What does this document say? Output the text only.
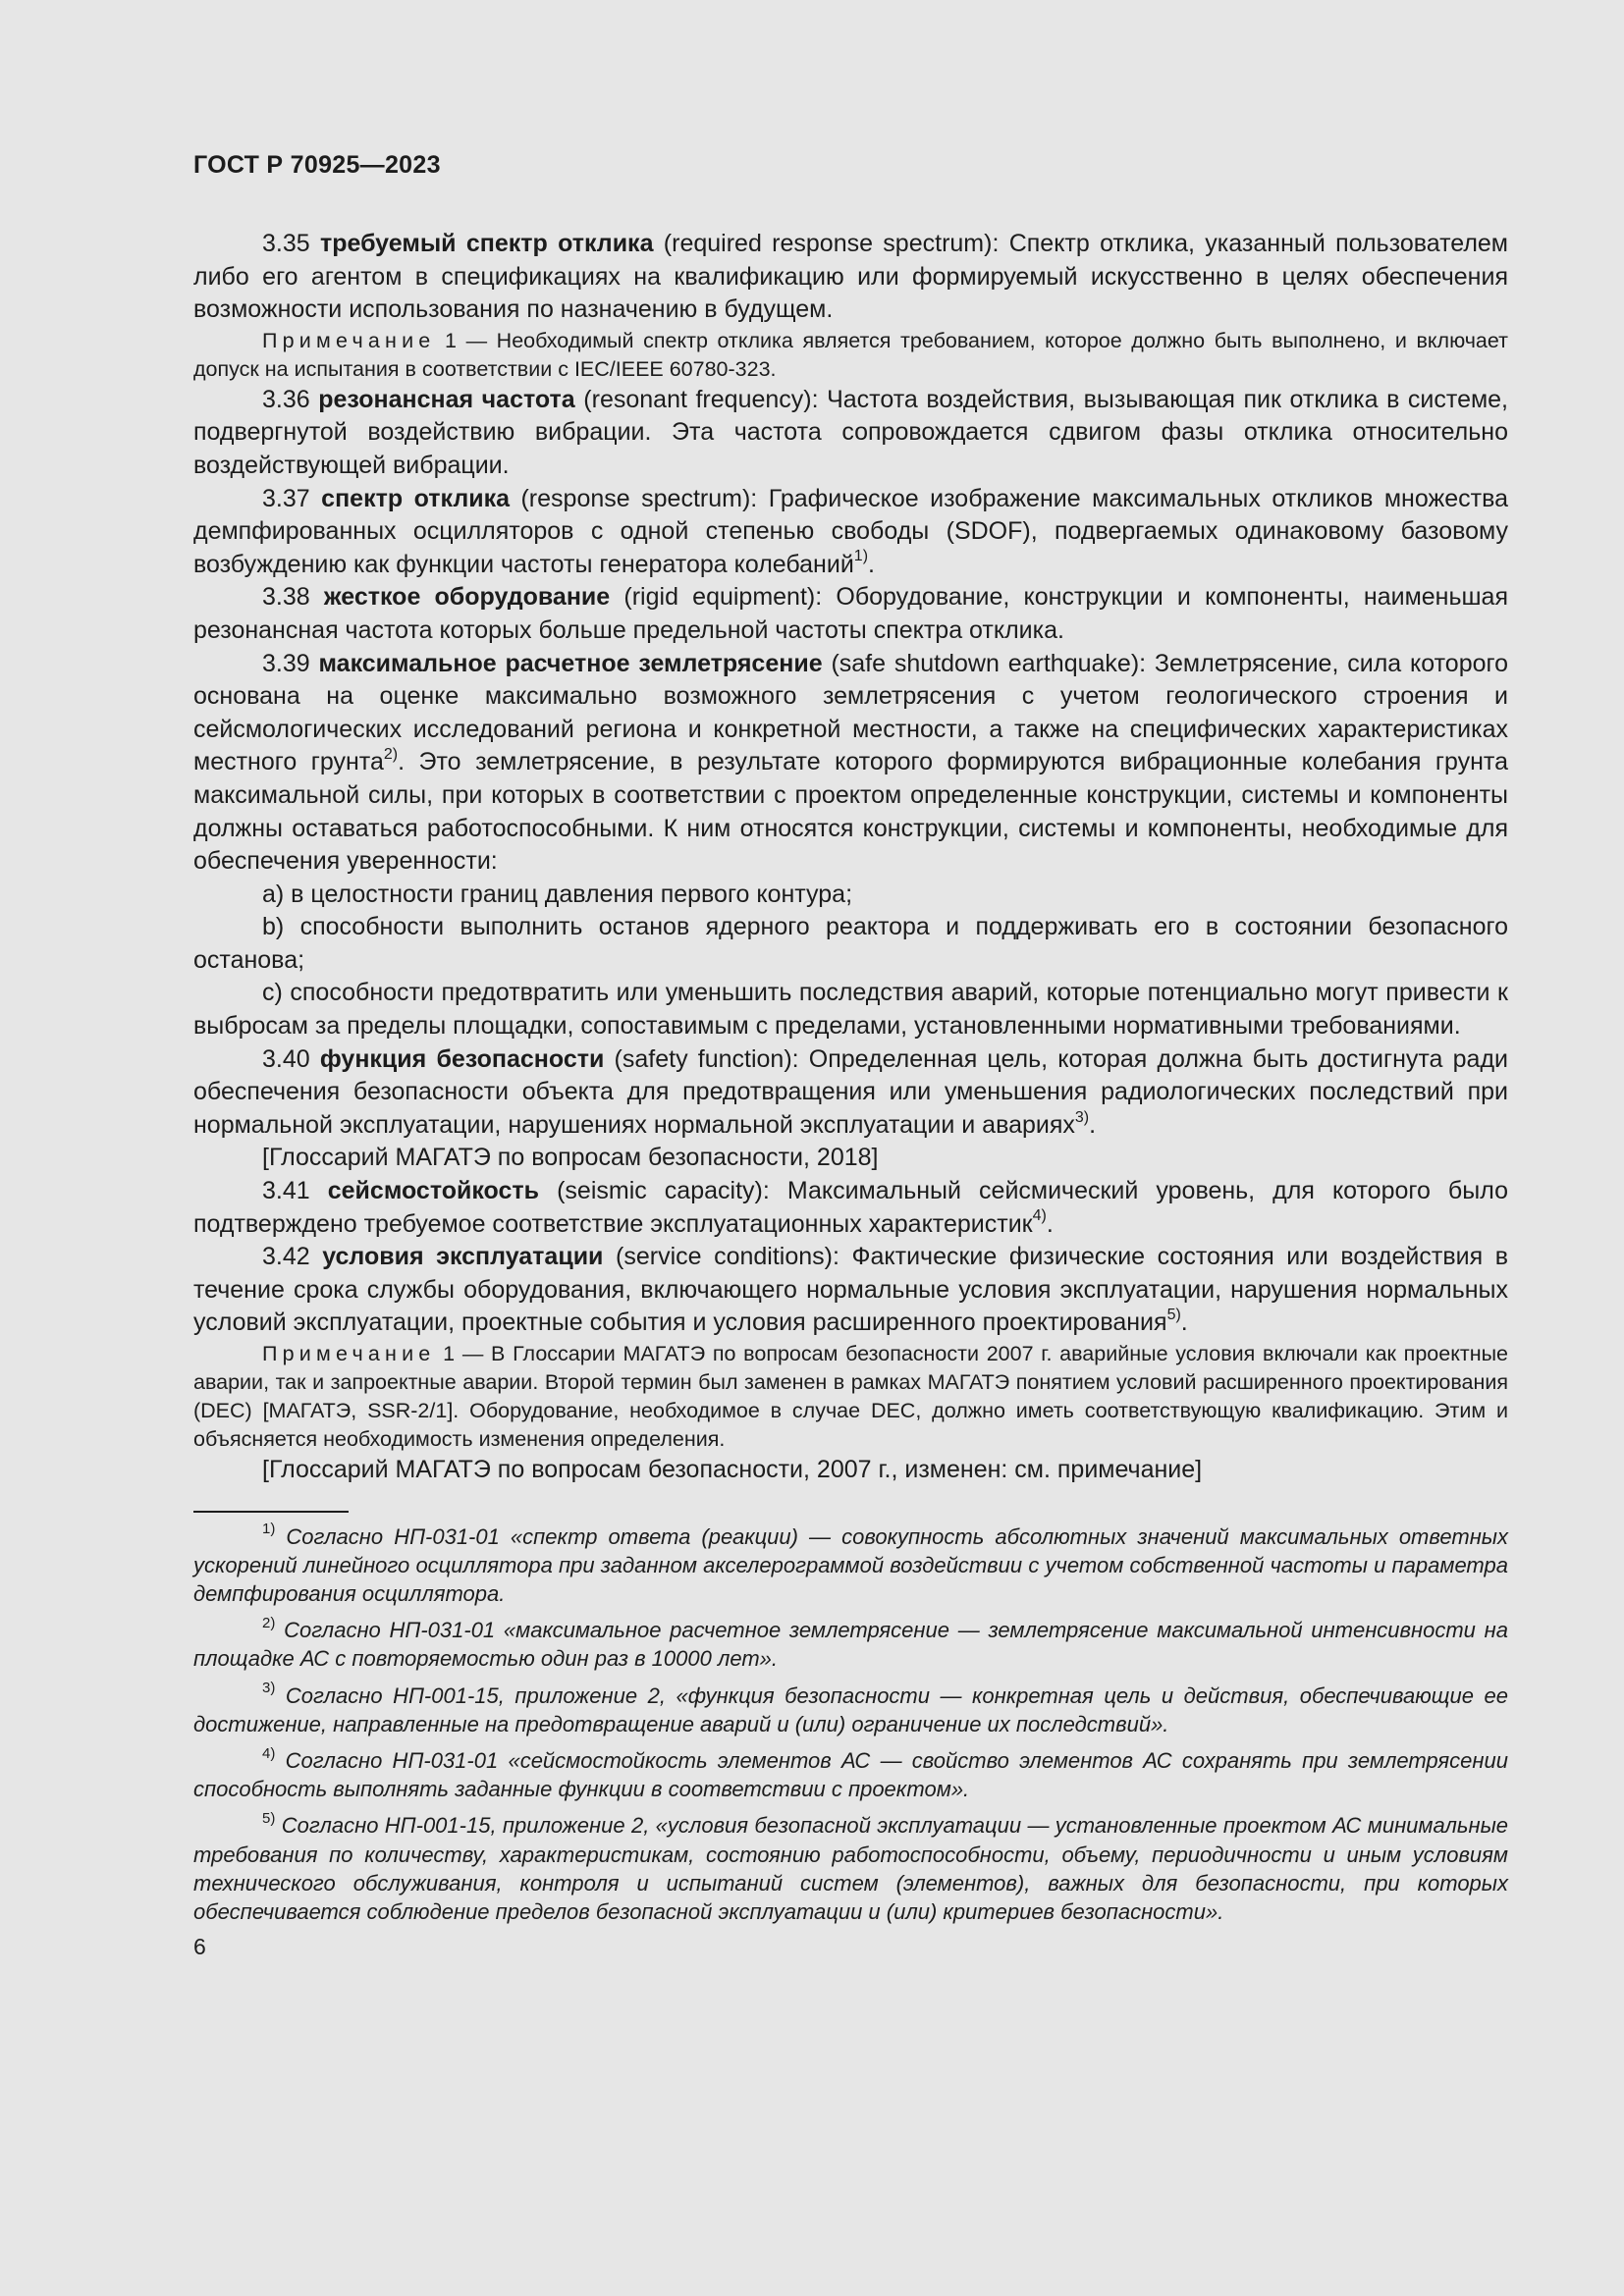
ГОСТ Р 70925—2023

3.35 требуемый спектр отклика (required response spectrum): Спектр отклика, указанный пользователем либо его агентом в спецификациях на квалификацию или формируемый искусственно в целях обеспечения возможности использования по назначению в будущем.

Примечание 1 — Необходимый спектр отклика является требованием, которое должно быть выполнено, и включает допуск на испытания в соответствии с IEC/IEEE 60780-323.

3.36 резонансная частота (resonant frequency): Частота воздействия, вызывающая пик отклика в системе, подвергнутой воздействию вибрации. Эта частота сопровождается сдвигом фазы отклика относительно воздействующей вибрации.

3.37 спектр отклика (response spectrum): Графическое изображение максимальных откликов множества демпфированных осцилляторов с одной степенью свободы (SDOF), подвергаемых одинаковому базовому возбуждению как функции частоты генератора колебаний$^{1)}$.

3.38 жесткое оборудование (rigid equipment): Оборудование, конструкции и компоненты, наименьшая резонансная частота которых больше предельной частоты спектра отклика.

3.39 максимальное расчетное землетрясение (safe shutdown earthquake): Землетрясение, сила которого основана на оценке максимально возможного землетрясения с учетом геологического строения и сейсмологических исследований региона и конкретной местности, а также на специфических характеристиках местного грунта$^{2)}$. Это землетрясение, в результате которого формируются вибрационные колебания грунта максимальной силы, при которых в соответствии с проектом определенные конструкции, системы и компоненты должны оставаться работоспособными. К ним относятся конструкции, системы и компоненты, необходимые для обеспечения уверенности:

а) в целостности границ давления первого контура;

b) способности выполнить останов ядерного реактора и поддерживать его в состоянии безопасного останова;

c) способности предотвратить или уменьшить последствия аварий, которые потенциально могут привести к выбросам за пределы площадки, сопоставимым с пределами, установленными нормативными требованиями.

3.40 функция безопасности (safety function): Определенная цель, которая должна быть достигнута ради обеспечения безопасности объекта для предотвращения или уменьшения радиологических последствий при нормальной эксплуатации, нарушениях нормальной эксплуатации и авариях$^{3)}$.

[Глоссарий МАГАТЭ по вопросам безопасности, 2018]

3.41 сейсмостойкость (seismic capacity): Максимальный сейсмический уровень, для которого было подтверждено требуемое соответствие эксплуатационных характеристик$^{4)}$.

3.42 условия эксплуатации (service conditions): Фактические физические состояния или воздействия в течение срока службы оборудования, включающего нормальные условия эксплуатации, нарушения нормальных условий эксплуатации, проектные события и условия расширенного проектирования$^{5)}$.

Примечание 1 — В Глоссарии МАГАТЭ по вопросам безопасности 2007 г. аварийные условия включали как проектные аварии, так и запроектные аварии. Второй термин был заменен в рамках МАГАТЭ понятием условий расширенного проектирования (DEC) [МАГАТЭ, SSR-2/1]. Оборудование, необходимое в случае DEC, должно иметь соответствующую квалификацию. Этим и объясняется необходимость изменения определения.

[Глоссарий МАГАТЭ по вопросам безопасности, 2007 г., изменен: см. примечание]

$^{1)}$ Согласно НП-031-01 «спектр ответа (реакции) — совокупность абсолютных значений максимальных ответных ускорений линейного осциллятора при заданном акселерограммой воздействии с учетом собственной частоты и параметра демпфирования осциллятора.

$^{2)}$ Согласно НП-031-01 «максимальное расчетное землетрясение — землетрясение максимальной интенсивности на площадке АС с повторяемостью один раз в 10000 лет».

$^{3)}$ Согласно НП-001-15, приложение 2, «функция безопасности — конкретная цель и действия, обеспечивающие ее достижение, направленные на предотвращение аварий и (или) ограничение их последствий».

$^{4)}$ Согласно НП-031-01 «сейсмостойкость элементов АС — свойство элементов АС сохранять при землетрясении способность выполнять заданные функции в соответствии с проектом».

$^{5)}$ Согласно НП-001-15, приложение 2, «условия безопасной эксплуатации — установленные проектом АС минимальные требования по количеству, характеристикам, состоянию работоспособности, объему, периодичности и иным условиям технического обслуживания, контроля и испытаний систем (элементов), важных для безопасности, при которых обеспечивается соблюдение пределов безопасной эксплуатации и (или) критериев безопасности».

6
